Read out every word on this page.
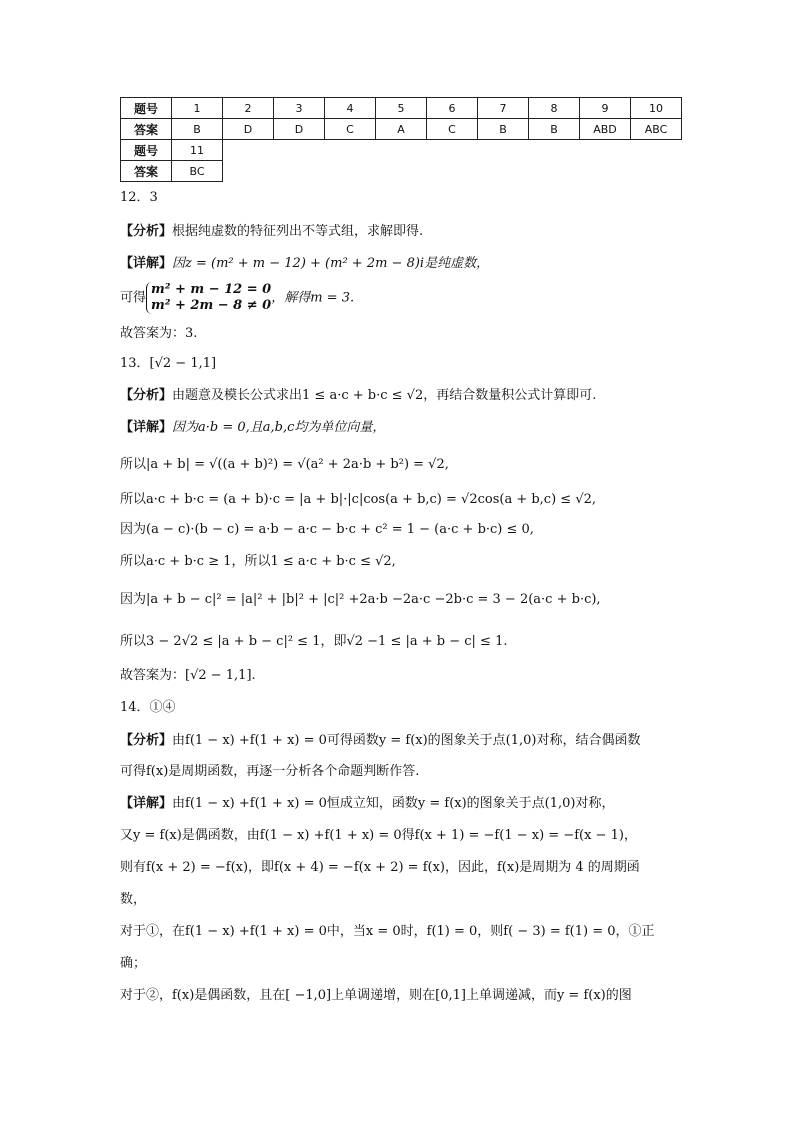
题号	1	2	3	4	5	6	7	8	9	10
答案	B	D	D	C	A	C	B	B	ABD	ABC
题号	11									
答案	BC									
12．3
【分析】根据纯虚数的特征列出不等式组，求解即得.
【详解】因z = (m² + m − 12) + (m² + 2m − 8)i是纯虚数，
可得m² + m − 12 = 0
m² + 2m − 8 ≠ 0，解得m = 3.
故答案为：3.
13．[√2 − 1,1]
【分析】由题意及模长公式求出1 ≤ a·c + b·c ≤ √2，再结合数量积公式计算即可.
【详解】因为a·b = 0,且a,b,c均为单位向量，
所以|a + b| = √((a + b)²) = √(a² + 2a·b + b²) = √2,
所以a·c + b·c = (a + b)·c = |a + b|·|c|cos(a + b,c) = √2cos(a + b,c) ≤ √2,
因为(a − c)·(b − c) = a·b − a·c − b·c + c² = 1 − (a·c + b·c) ≤ 0,
所以a·c + b·c ≥ 1，所以1 ≤ a·c + b·c ≤ √2,
因为|a + b − c|² = |a|² + |b|² + |c|² +2a·b −2a·c −2b·c = 3 − 2(a·c + b·c),
所以3 − 2√2 ≤ |a + b − c|² ≤ 1，即√2 −1 ≤ |a + b − c| ≤ 1.
故答案为：[√2 − 1,1].
14．①④
【分析】由f(1 − x) +f(1 + x) = 0可得函数y = f(x)的图象关于点(1,0)对称，结合偶函数
可得f(x)是周期函数，再逐一分析各个命题判断作答.
【详解】由f(1 − x) +f(1 + x) = 0恒成立知，函数y = f(x)的图象关于点(1,0)对称，
又y = f(x)是偶函数，由f(1 − x) +f(1 + x) = 0得f(x + 1) = −f(1 − x) = −f(x − 1)，
则有f(x + 2) = −f(x)，即f(x + 4) = −f(x + 2) = f(x)，因此，f(x)是周期为 4 的周期函
数，
对于①，在f(1 − x) +f(1 + x) = 0中，当x = 0时，f(1) = 0，则f( − 3) = f(1) = 0，①正
确；
对于②，f(x)是偶函数，且在[ −1,0]上单调递增，则在[0,1]上单调递减，而y = f(x)的图
